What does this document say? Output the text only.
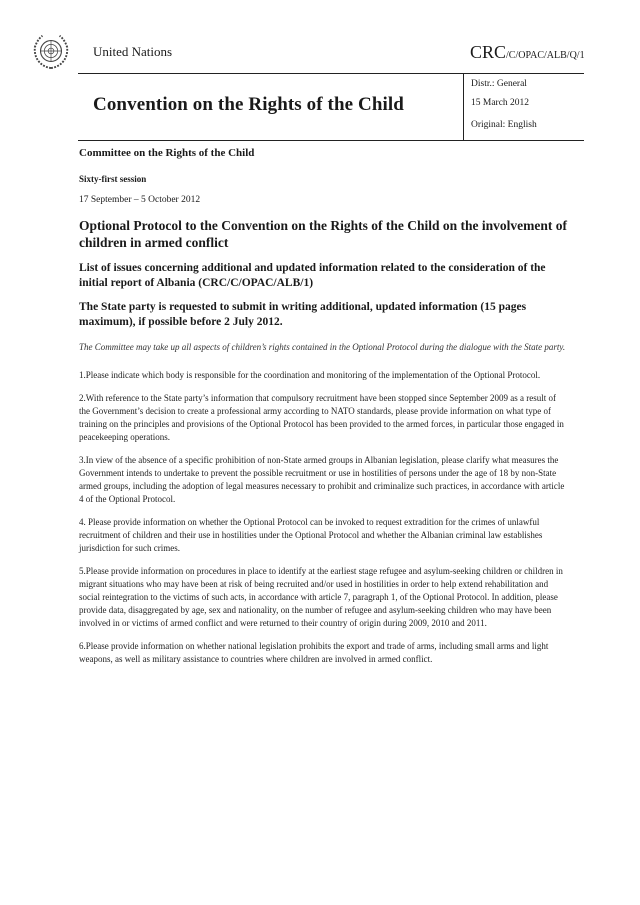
United Nations	CRC/C/OPAC/ALB/Q/1
Distr.: General
15 March 2012
Original: English
Convention on the Rights of the Child
Committee on the Rights of the Child
Sixty-first session
17 September – 5 October 2012
Optional Protocol to the Convention on the Rights of the Child on the involvement of children in armed conflict
List of issues concerning additional and updated information related to the consideration of the initial report of Albania (CRC/C/OPAC/ALB/1)
The State party is requested to submit in writing additional, updated information (15 pages maximum), if possible before 2 July 2012.
The Committee may take up all aspects of children’s rights contained in the Optional Protocol during the dialogue with the State party.

1.Please indicate which body is responsible for the coordination and monitoring of the implementation of the Optional Protocol.

2.With reference to the State party’s information that compulsory recruitment have been stopped since September 2009 as a result of the Government’s decision to create a professional army according to NATO standards, please provide information on what type of training on the principles and provisions of the Optional Protocol has been provided to the armed forces, in particular those engaged in peacekeeping operations.

3.In view of the absence of a specific prohibition of non-State armed groups in Albanian legislation, please clarify what measures the Government intends to undertake to prevent the possible recruitment or use in hostilities of persons under the age of 18 by non-State armed groups, including the adoption of legal measures necessary to prohibit and criminalize such practices, in accordance with article 4 of the Optional Protocol.

4. Please provide information on whether the Optional Protocol can be invoked to request extradition for the crimes of unlawful recruitment of children and their use in hostilities under the Optional Protocol and whether the Albanian criminal law establishes jurisdiction for such crimes.

5.Please provide information on procedures in place to identify at the earliest stage refugee and asylum-seeking children or children in migrant situations who may have been at risk of being recruited and/or used in hostilities in order to help extend rehabilitation and social reintegration to the victims of such acts, in accordance with article 7, paragraph 1, of the Optional Protocol. In addition, please provide data, disaggregated by age, sex and nationality, on the number of refugee and asylum-seeking children who may have been involved in or victims of armed conflict and were returned to their country of origin during 2009, 2010 and 2011.

6.Please provide information on whether national legislation prohibits the export and trade of arms, including small arms and light weapons, as well as military assistance to countries where children are involved in armed conflict.
